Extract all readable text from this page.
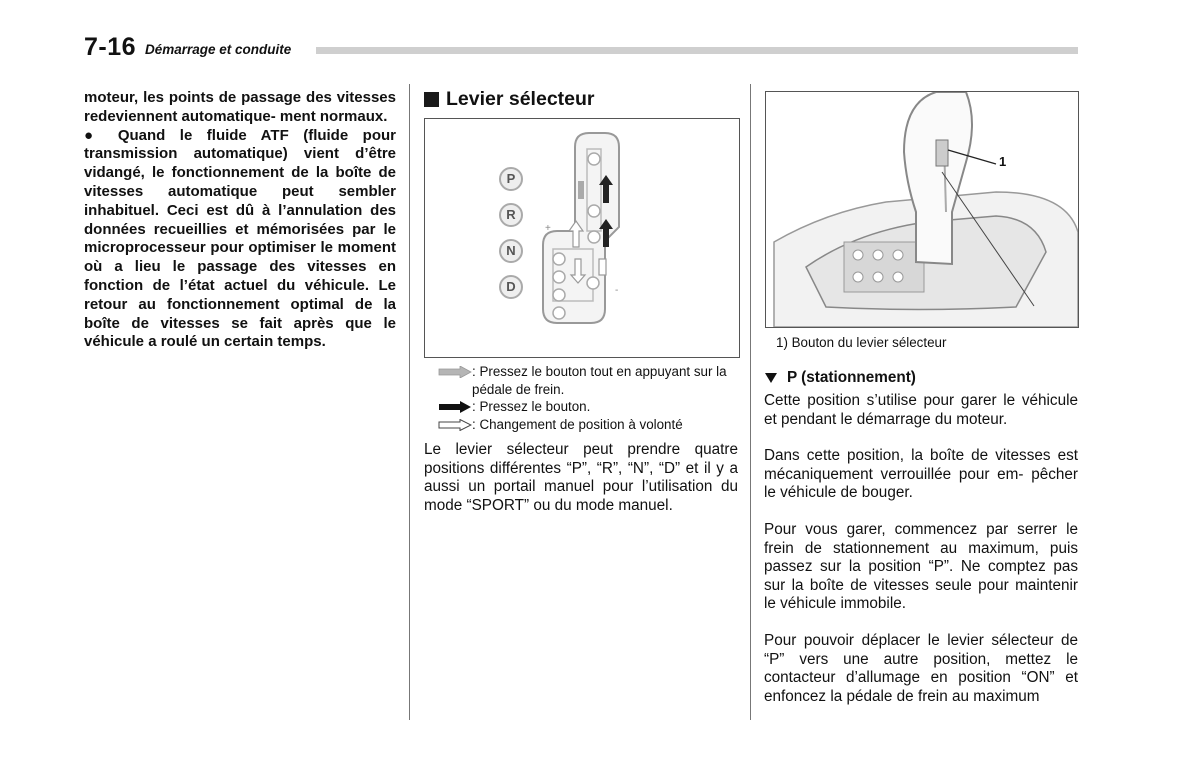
7-16 Démarrage et conduite

moteur, les points de passage des vitesses redeviennent automatique- ment normaux.

● Quand le fluide ATF (fluide pour transmission automatique) vient d’être vidangé, le fonctionnement de la boîte de vitesses automatique peut sembler inhabituel. Ceci est dû à l’annulation des données recueillies et mémorisées par le microprocesseur pour optimiser le moment où a lieu le passage des vitesses en fonction de l’état actuel du véhicule. Le retour au fonctionnement optimal de la boîte de vitesses se fait après que le véhicule a roulé un certain temps.

Levier sélecteur
+
-
P
R
N
D
: Pressez le bouton tout en appuyant sur la pédale de frein.
: Pressez le bouton.
: Changement de position à volonté

Le levier sélecteur peut prendre quatre positions différentes “P”, “R”, “N”, “D” et il y a aussi un portail manuel pour l’utilisation du mode “SPORT” ou du mode manuel.

1
1) Bouton du levier sélecteur
P (stationnement)

Cette position s’utilise pour garer le véhicule et pendant le démarrage du moteur.

Dans cette position, la boîte de vitesses est mécaniquement verrouillée pour em- pêcher le véhicule de bouger.

Pour vous garer, commencez par serrer le frein de stationnement au maximum, puis passez sur la position “P”. Ne comptez pas sur la boîte de vitesses seule pour maintenir le véhicule immobile.

Pour pouvoir déplacer le levier sélecteur de “P” vers une autre position, mettez le contacteur d’allumage en position “ON” et enfoncez la pédale de frein au maximum
